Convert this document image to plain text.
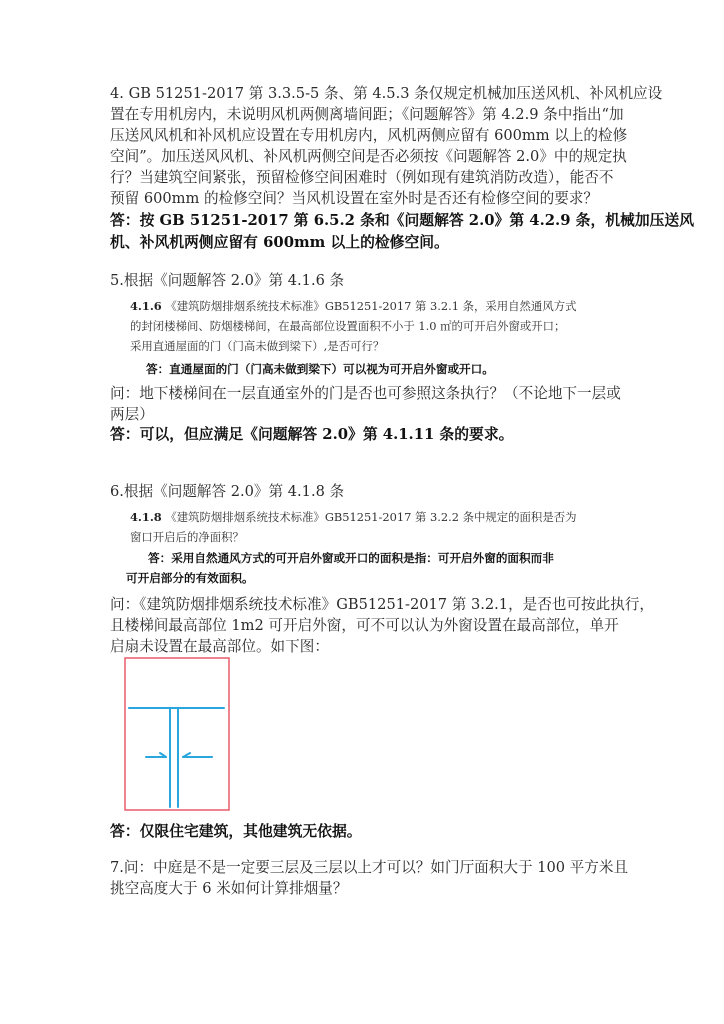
4. GB 51251-2017 第 3.3.5-5 条、第 4.5.3 条仅规定机械加压送风机、补风机应设
置在专用机房内，未说明风机两侧离墙间距；《问题解答》第 4.2.9 条中指出“加
压送风风机和补风机应设置在专用机房内，风机两侧应留有 600mm 以上的检修
空间”。加压送风风机、补风机两侧空间是否必须按《问题解答 2.0》中的规定执
行？当建筑空间紧张，预留检修空间困难时（例如现有建筑消防改造），能否不
预留 600mm 的检修空间？当风机设置在室外时是否还有检修空间的要求？
答：按 GB 51251-2017 第 6.5.2 条和《问题解答 2.0》第 4.2.9 条，机械加压送风
机、补风机两侧应留有 600mm 以上的检修空间。
5.根据《问题解答 2.0》第 4.1.6 条
4.1.6 《建筑防烟排烟系统技术标准》GB51251-2017 第 3.2.1 条，采用自然通风方式
的封闭楼梯间、防烟楼梯间，在最高部位设置面积不小于 1.0 ㎡的可开启外窗或开口；
采用直通屋面的门（门高未做到梁下）,是否可行？
答：直通屋面的门（门高未做到梁下）可以视为可开启外窗或开口。
问：地下楼梯间在一层直通室外的门是否也可参照这条执行？（不论地下一层或
两层）
答：可以，但应满足《问题解答 2.0》第 4.1.11 条的要求。
6.根据《问题解答 2.0》第 4.1.8 条
4.1.8 《建筑防烟排烟系统技术标准》GB51251-2017 第 3.2.2 条中规定的面积是否为
窗口开启后的净面积？
答：采用自然通风方式的可开启外窗或开口的面积是指：可开启外窗的面积而非
可开启部分的有效面积。
问：《建筑防烟排烟系统技术标准》GB51251-2017 第 3.2.1，是否也可按此执行，
且楼梯间最高部位 1m2 可开启外窗，可不可以认为外窗设置在最高部位，单开
启扇未设置在最高部位。如下图：
答：仅限住宅建筑，其他建筑无依据。
7.问：中庭是不是一定要三层及三层以上才可以？如门厅面积大于 100 平方米且
挑空高度大于 6 米如何计算排烟量？
